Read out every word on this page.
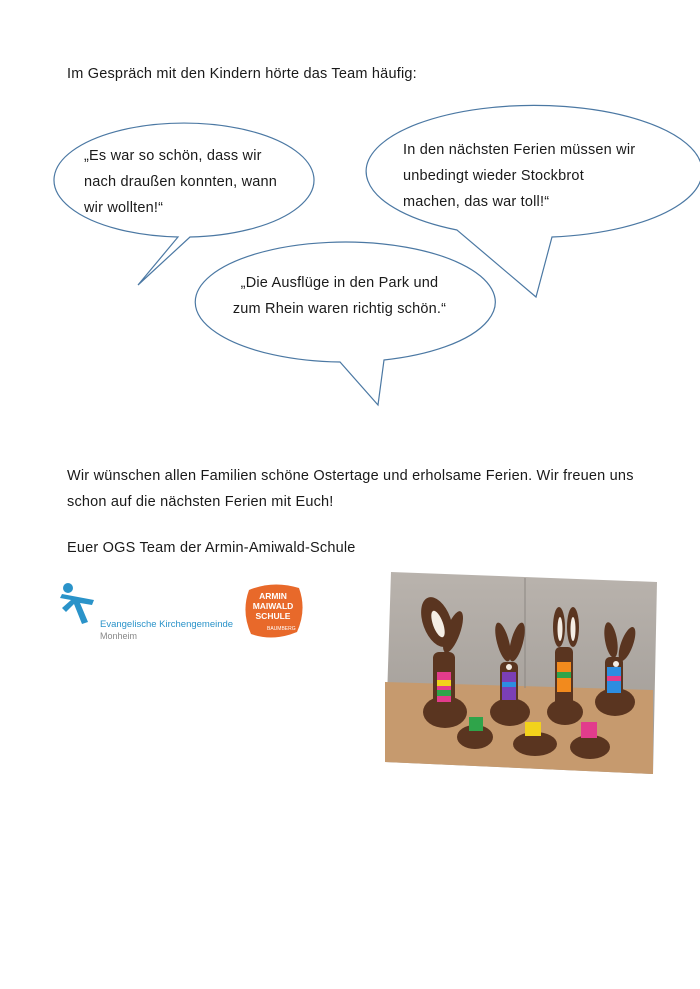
Im Gespräch mit den Kindern hörte das Team häufig:
„Es war so schön, dass wir
nach draußen konnten, wann
wir wollten!“
In den nächsten Ferien müssen wir
unbedingt wieder Stockbrot
machen, das war toll!“
„Die Ausflüge in den Park und
zum Rhein waren richtig schön.“
Wir wünschen allen Familien schöne Ostertage und erholsame Ferien. Wir freuen uns schon auf die nächsten Ferien mit Euch!
Euer OGS Team der Armin-Amiwald-Schule
Evangelische Kirchengemeinde
Monheim
ARMIN
MAIWALD
SCHULE
BAUMBERG
